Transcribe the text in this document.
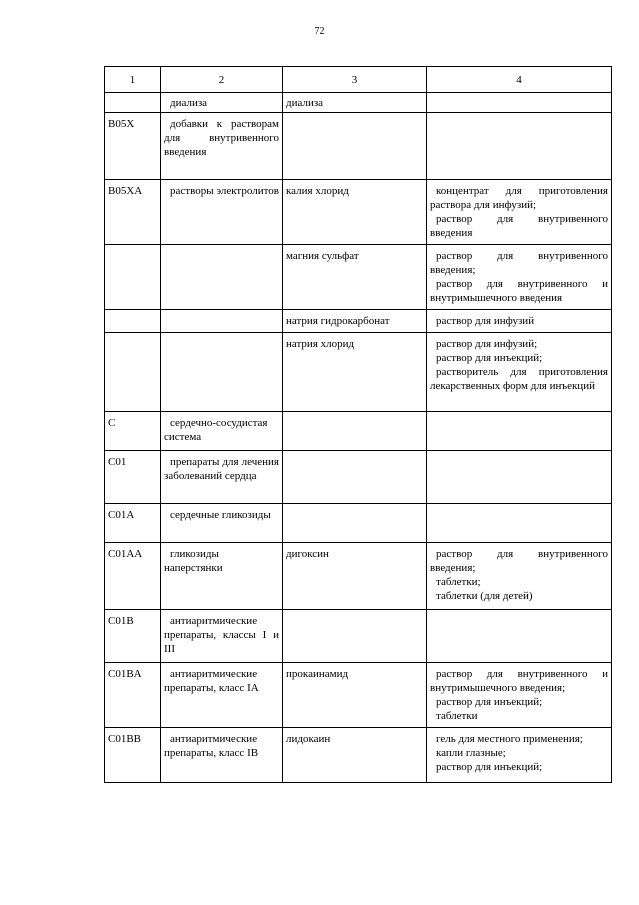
72
1	2	3	4

	диализа	диализа	

B05X	добавки к растворам для внутривенного введения		

B05XA	растворы электролитов	калия хлорид	концентрат для приготовления раствора для инфузий;
раствор для внутривенного введения

		магния сульфат	раствор для внутривенного введения;
раствор для внутривенного и внутримышечного введения

		натрия гидрокарбонат	раствор для инфузий

		натрия хлорид	раствор для инфузий;
раствор для инъекций;
растворитель для приготовления лекарственных форм для инъекций

C	сердечно-сосудистая система		

C01	препараты для лечения заболеваний сердца		

C01A	сердечные гликозиды		

C01AA	гликозиды наперстянки	дигоксин	раствор для внутривенного введения;
таблетки;
таблетки (для детей)

C01B	антиаритмические препараты, классы I и III		

C01BA	антиаритмические препараты, класс IA	прокаинамид	раствор для внутривенного и внутримышечного введения;
раствор для инъекций;
таблетки

C01BB	антиаритмические препараты, класс IB	лидокаин	гель для местного применения;
капли глазные;
раствор для инъекций;
